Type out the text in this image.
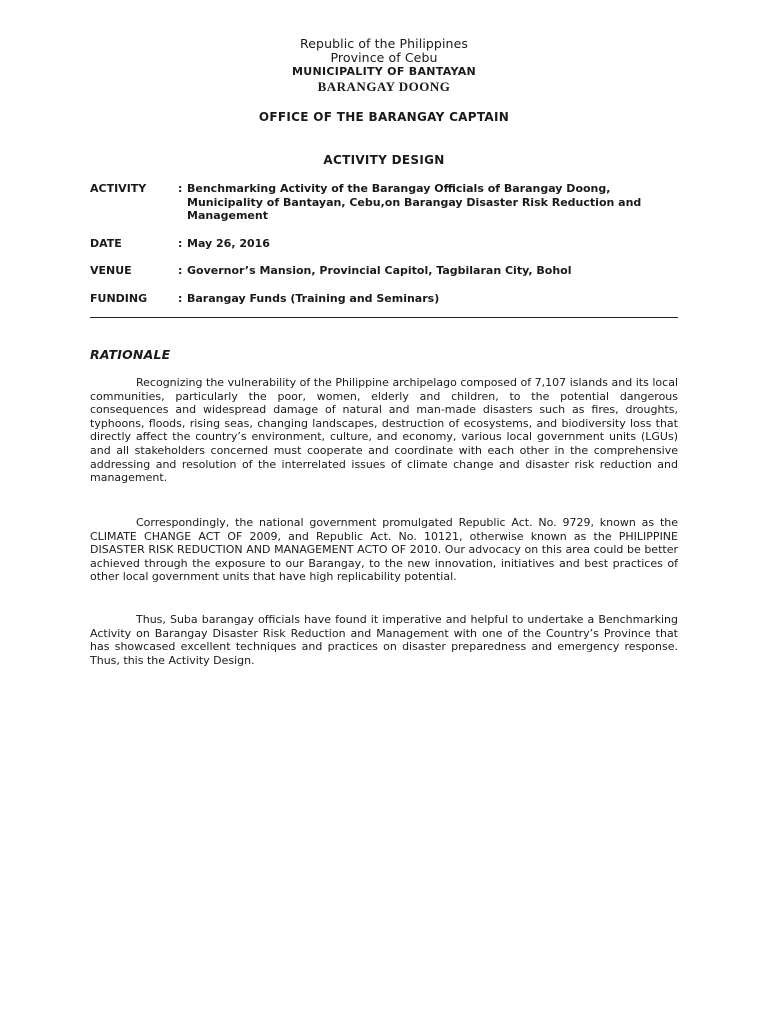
Republic of the Philippines
Province of Cebu
MUNICIPALITY OF BANTAYAN
BARANGAY DOONG
OFFICE OF THE BARANGAY CAPTAIN
ACTIVITY DESIGN
ACTIVITY	: Benchmarking Activity of the Barangay Officials of Barangay Doong, Municipality of Bantayan, Cebu,on Barangay Disaster Risk Reduction and Management
DATE	: May 26, 2016
VENUE	: Governor’s Mansion, Provincial Capitol, Tagbilaran City, Bohol
FUNDING	: Barangay Funds (Training and Seminars)
RATIONALE

Recognizing the vulnerability of the Philippine archipelago composed of 7,107 islands and its local communities, particularly the poor, women, elderly and children, to the potential dangerous consequences and widespread damage of natural and man-made disasters such as fires, droughts, typhoons, floods, rising seas, changing landscapes, destruction of ecosystems, and biodiversity loss that directly affect the country’s environment, culture, and economy, various local government units (LGUs) and all stakeholders concerned must cooperate and coordinate with each other in the comprehensive addressing and resolution of the interrelated issues of climate change and disaster risk reduction and management.

Correspondingly, the national government promulgated Republic Act. No. 9729, known as the CLIMATE CHANGE ACT OF 2009, and Republic Act. No. 10121, otherwise known as the PHILIPPINE DISASTER RISK REDUCTION AND MANAGEMENT ACTO OF 2010. Our advocacy on this area could be better achieved through the exposure to our Barangay, to the new innovation, initiatives and best practices of other local government units that have high replicability potential.

Thus, Suba barangay officials have found it imperative and helpful to undertake a Benchmarking Activity on Barangay Disaster Risk Reduction and Management with one of the Country’s Province that has showcased excellent techniques and practices on disaster preparedness and emergency response. Thus, this the Activity Design.
